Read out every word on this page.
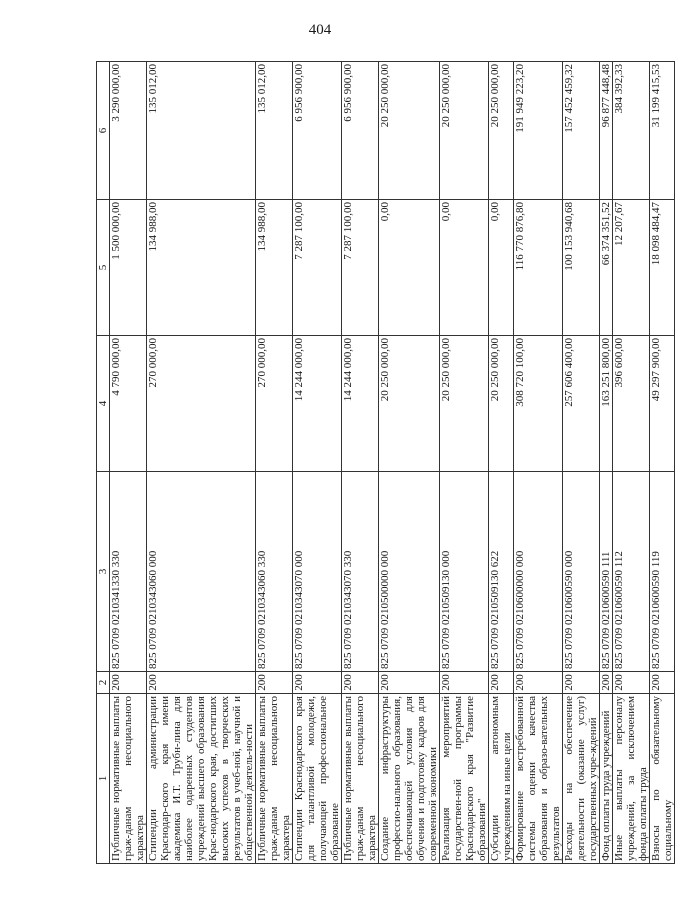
404
1	2	3	4	5	6
Публичные нормативные выплаты граж-данам несоциального характера	200	825 0709 0210341330 330	4 790 000,00	1 500 000,00	3 290 000,00
Стипендии администрации Краснодар-ского края имени академика И.Т. Трубн-лина для наиболее одаренных студентов учреждений высшего образования Крас-нодарского края, достигших высоких успехов в творческих результатов в учеб-ной, научной и общественной деятель-ности	200	825 0709 0210343060 000	270 000,00	134 988,00	135 012,00
Публичные нормативные выплаты граж-данам несоциального характера	200	825 0709 0210343060 330	270 000,00	134 988,00	135 012,00
Стипендии Краснодарского края для талантливой молодежи, получающей профессиональное образование	200	825 0709 0210343070 000	14 244 000,00	7 287 100,00	6 956 900,00
Публичные нормативные выплаты граж-данам несоциального характера	200	825 0709 0210343070 330	14 244 000,00	7 287 100,00	6 956 900,00
Создание инфраструктуры профессио-нального образования, обеспечивающей условия для обучения и подготовку кадров для современной экономики	200	825 0709 0210500000 000	20 250 000,00	0,00	20 250 000,00
Реализация мероприятий государствен-ной программы Краснодарского края "Развитие образования"	200	825 0709 0210509130 000	20 250 000,00	0,00	20 250 000,00
Субсидии автономным учреждениям на иные цели	200	825 0709 0210509130 622	20 250 000,00	0,00	20 250 000,00
Формирование востребованной системы оценки качества образования и образо-вательных результатов	200	825 0709 0210600000 000	308 720 100,00	116 770 876,80	191 949 223,20
Расходы на обеспечение деятельности (оказание услуг) государственных учре-ждений	200	825 0709 0210600590 000	257 606 400,00	100 153 940,68	157 452 459,32
Фонд оплаты труда учреждений	200	825 0709 0210600590 111	163 251 800,00	66 374 351,52	96 877 448,48
Иные выплаты персоналу учреждений, за исключением фонда оплаты труда	200	825 0709 0210600590 112	396 600,00	12 207,67	384 392,33
Взносы по обязательному социальному	200	825 0709 0210600590 119	49 297 900,00	18 098 484,47	31 199 415,53
